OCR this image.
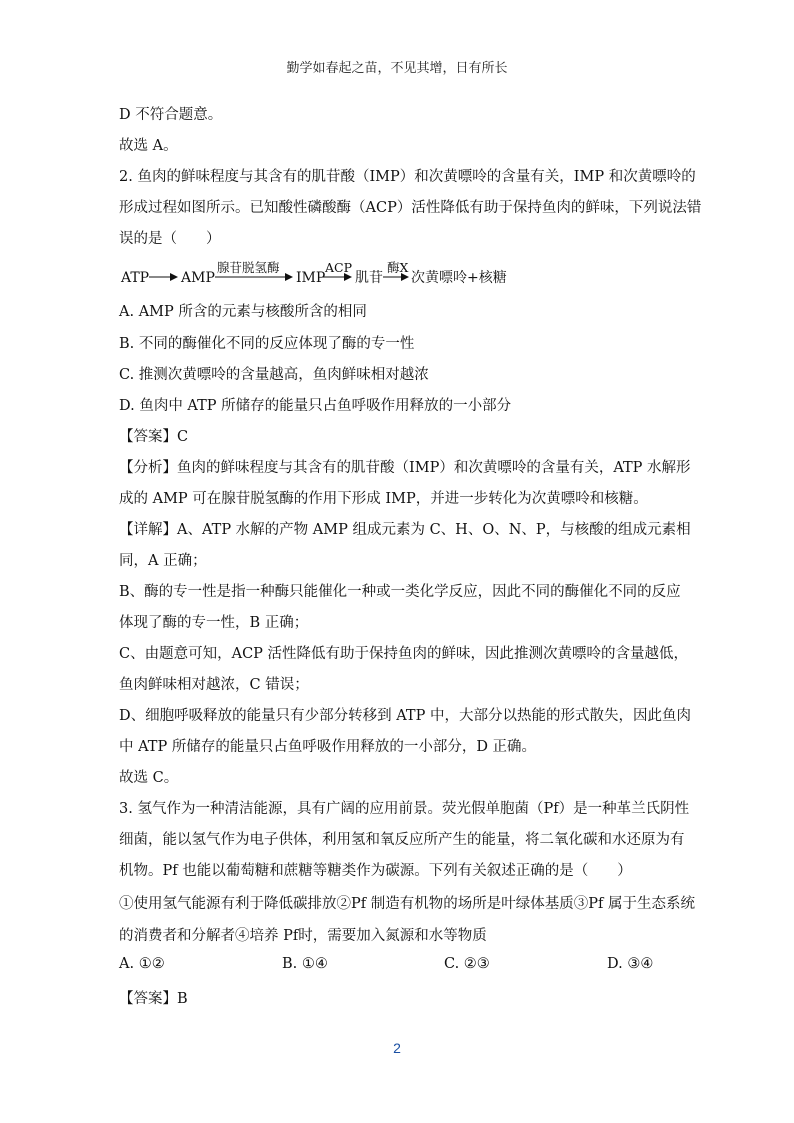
勤学如春起之苗，不见其增，日有所长
D 不符合题意。
故选 A。
2. 鱼肉的鲜味程度与其含有的肌苷酸（IMP）和次黄嘌呤的含量有关，IMP 和次黄嘌呤的
形成过程如图所示。已知酸性磷酸酶（ACP）活性降低有助于保持鱼肉的鲜味，下列说法错
误的是（　　）
ATP AMP
腺苷脱氢酶
IMP
ACP
肌苷
酶X
次黄嘌呤+核糖
A. AMP 所含的元素与核酸所含的相同
B. 不同的酶催化不同的反应体现了酶的专一性
C. 推测次黄嘌呤的含量越高，鱼肉鲜味相对越浓
D. 鱼肉中 ATP 所储存的能量只占鱼呼吸作用释放的一小部分
【答案】C
【分析】鱼肉的鲜味程度与其含有的肌苷酸（IMP）和次黄嘌呤的含量有关，ATP 水解形
成的 AMP 可在腺苷脱氢酶的作用下形成 IMP，并进一步转化为次黄嘌呤和核糖。
【详解】A、ATP 水解的产物 AMP 组成元素为 C、H、O、N、P，与核酸的组成元素相
同，A 正确；
B、酶的专一性是指一种酶只能催化一种或一类化学反应，因此不同的酶催化不同的反应
体现了酶的专一性，B 正确；
C、由题意可知，ACP 活性降低有助于保持鱼肉的鲜味，因此推测次黄嘌呤的含量越低，
鱼肉鲜味相对越浓，C 错误；
D、细胞呼吸释放的能量只有少部分转移到 ATP 中，大部分以热能的形式散失，因此鱼肉
中 ATP 所储存的能量只占鱼呼吸作用释放的一小部分，D 正确。
故选 C。
3. 氢气作为一种清洁能源，具有广阔的应用前景。荧光假单胞菌（Pf）是一种革兰氏阴性
细菌，能以氢气作为电子供体，利用氢和氧反应所产生的能量，将二氧化碳和水还原为有
机物。Pf 也能以葡萄糖和蔗糖等糖类作为碳源。下列有关叙述正确的是（　　）
①使用氢气能源有利于降低碳排放②Pf 制造有机物的场所是叶绿体基质③Pf 属于生态系统
的消费者和分解者④培养 Pf时，需要加入氮源和水等物质
A. ①②	B. ①④	C. ②③	D. ③④
【答案】B
2
